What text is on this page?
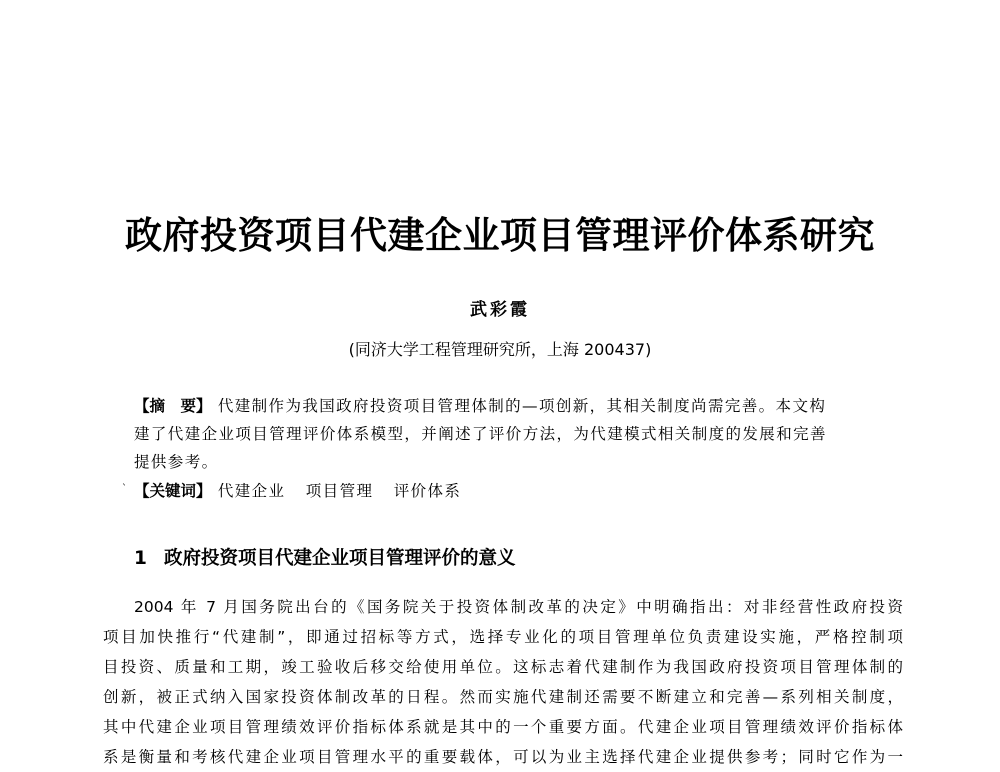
政府投资项目代建企业项目管理评价体系研究
武彩霞
(同济大学工程管理研究所，上海 200437)
【摘　要】 代建制作为我国政府投资项目管理体制的—项创新，其相关制度尚需完善。本文构
建了代建企业项目管理评价体系模型，并阐述了评价方法，为代建模式相关制度的发展和完善
提供参考。
ˋ 【关键词】 代建企业 项目管理 评价体系
1 政府投资项目代建企业项目管理评价的意义
2004 年 7 月国务院出台的《国务院关于投资体制改革的决定》中明确指出：对非经营性政府投资
项目加快推行“代建制”，即通过招标等方式，选择专业化的项目管理单位负责建设实施，严格控制项
目投资、质量和工期，竣工验收后移交给使用单位。这标志着代建制作为我国政府投资项目管理体制的
创新，被正式纳入国家投资体制改革的日程。然而实施代建制还需要不断建立和完善—系列相关制度，
其中代建企业项目管理绩效评价指标体系就是其中的一个重要方面。代建企业项目管理绩效评价指标体
系是衡量和考核代建企业项目管理水平的重要载体，可以为业主选择代建企业提供参考；同时它作为一
